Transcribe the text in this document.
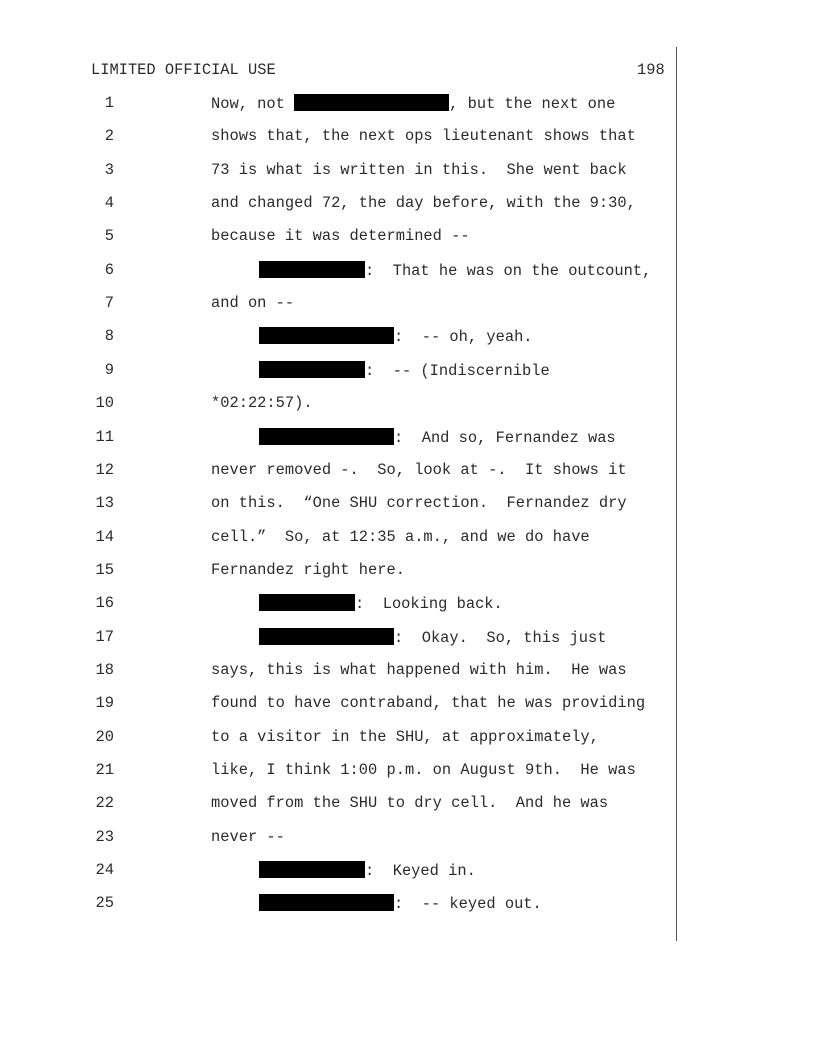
LIMITED OFFICIAL USE	198
1	Now, not	, but the next one
2	shows that, the next ops lieutenant shows that
3	73 is what is written in this.  She went back
4	and changed 72, the day before, with the 9:30,
5	because it was determined --
6	:  That he was on the outcount,
7	and on --
8	:  -- oh, yeah.
9	:  -- (Indiscernible
10	*02:22:57).
11	:  And so, Fernandez was
12	never removed -.  So, look at -.  It shows it
13	on this.  “One SHU correction.  Fernandez dry
14	cell.”  So, at 12:35 a.m., and we do have
15	Fernandez right here.
16	:  Looking back.
17	:  Okay.  So, this just
18	says, this is what happened with him.  He was
19	found to have contraband, that he was providing
20	to a visitor in the SHU, at approximately,
21	like, I think 1:00 p.m. on August 9th.  He was
22	moved from the SHU to dry cell.  And he was
23	never --
24	:  Keyed in.
25	:  -- keyed out.
